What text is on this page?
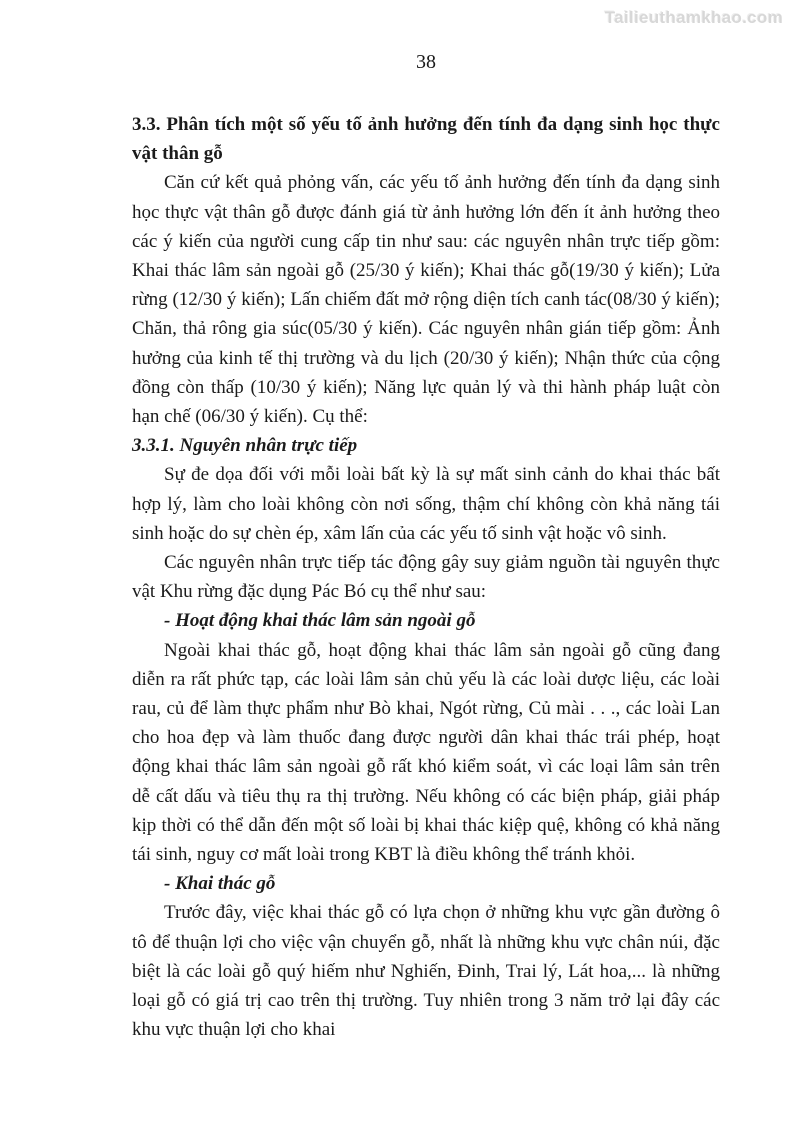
Tailieuthamkhao.com
38

3.3. Phân tích một số yếu tố ảnh hưởng đến tính đa dạng sinh học thực vật thân gỗ

Căn cứ kết quả phỏng vấn, các yếu tố ảnh hưởng đến tính đa dạng sinh học thực vật thân gỗ được đánh giá từ ảnh hưởng lớn đến ít ảnh hưởng theo các ý kiến của người cung cấp tin như sau: các nguyên nhân trực tiếp gồm: Khai thác lâm sản ngoài gỗ (25/30 ý kiến); Khai thác gỗ(19/30 ý kiến); Lửa rừng (12/30 ý kiến); Lấn chiếm đất mở rộng diện tích canh tác(08/30 ý kiến); Chăn, thả rông gia súc(05/30 ý kiến). Các nguyên nhân gián tiếp gồm: Ảnh hưởng của kinh tế thị trường và du lịch (20/30 ý kiến); Nhận thức của cộng đồng còn thấp (10/30 ý kiến); Năng lực quản lý và thi hành pháp luật còn hạn chế (06/30 ý kiến). Cụ thể:

3.3.1. Nguyên nhân trực tiếp

Sự đe dọa đối với mỗi loài bất kỳ là sự mất sinh cảnh do khai thác bất hợp lý, làm cho loài không còn nơi sống, thậm chí không còn khả năng tái sinh hoặc do sự chèn ép, xâm lấn của các yếu tố sinh vật hoặc vô sinh.

Các nguyên nhân trực tiếp tác động gây suy giảm nguồn tài nguyên thực vật Khu rừng đặc dụng Pác Bó cụ thể như sau:

- Hoạt động khai thác lâm sản ngoài gỗ

Ngoài khai thác gỗ, hoạt động khai thác lâm sản ngoài gỗ cũng đang diễn ra rất phức tạp, các loài lâm sản chủ yếu là các loài dược liệu, các loài rau, củ để làm thực phẩm như Bò khai, Ngót rừng, Củ mài . . ., các loài Lan cho hoa đẹp và làm thuốc đang được người dân khai thác trái phép, hoạt động khai thác lâm sản ngoài gỗ rất khó kiểm soát, vì các loại lâm sản trên dễ cất dấu và tiêu thụ ra thị trường. Nếu không có các biện pháp, giải pháp kịp thời có thể dẫn đến một số loài bị khai thác kiệp quệ, không có khả năng tái sinh, nguy cơ mất loài trong KBT là điều không thể tránh khỏi.

- Khai thác gỗ

Trước đây, việc khai thác gỗ có lựa chọn ở những khu vực gần đường ô tô để thuận lợi cho việc vận chuyển gỗ, nhất là những khu vực chân núi, đặc biệt là các loài gỗ quý hiếm như Nghiến, Đinh, Trai lý, Lát hoa,... là những loại gỗ có giá trị cao trên thị trường. Tuy nhiên trong 3 năm trở lại đây các khu vực thuận lợi cho khai
